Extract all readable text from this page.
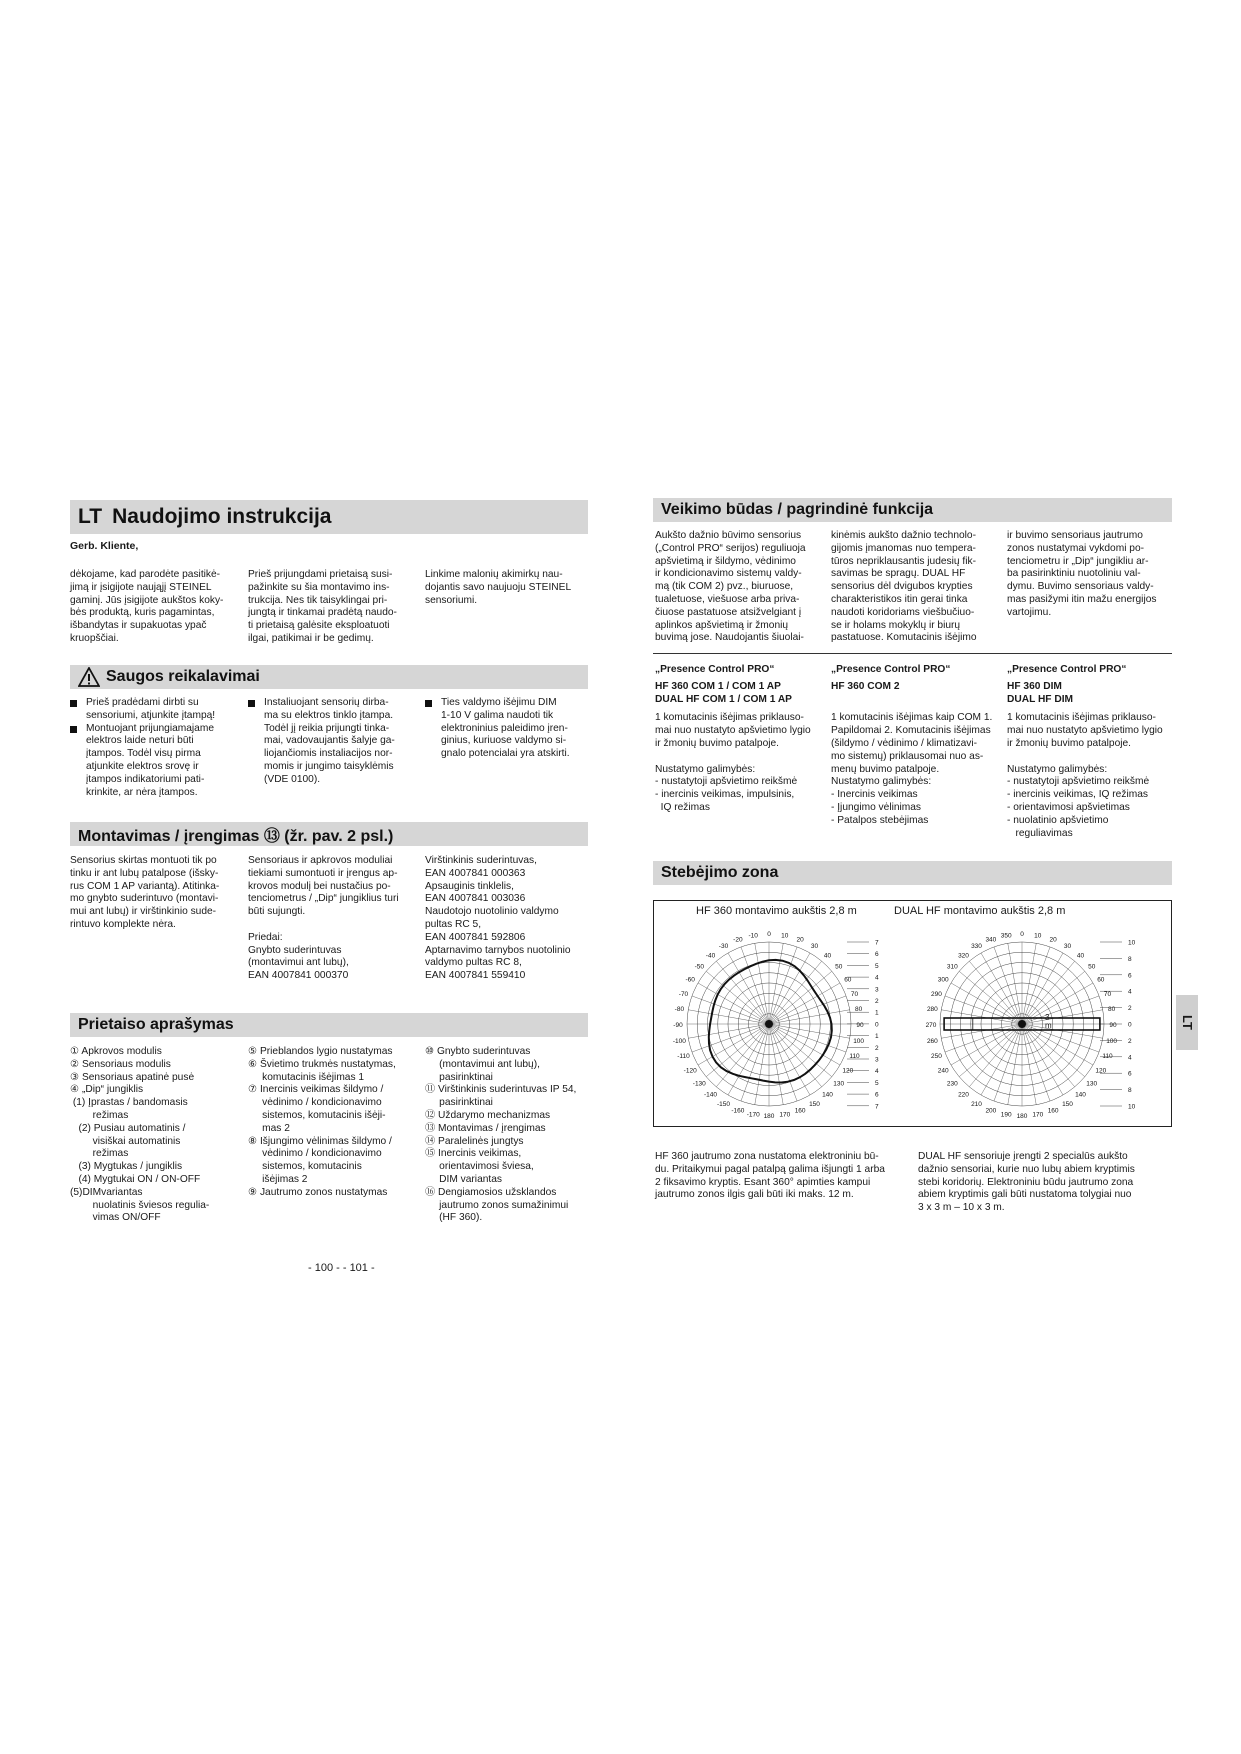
LT Naudojimo instrukcija
Gerb. Kliente,
dėkojame, kad parodėte pasitikė-
jimą ir įsigijote naująjį STEINEL
gaminį. Jūs įsigijote aukštos koky-
bės produktą, kuris pagamintas,
išbandytas ir supakuotas ypač
kruopščiai.
Prieš prijungdami prietaisą susi-
pažinkite su šia montavimo ins-
trukcija. Nes tik taisyklingai pri-
jungtą ir tinkamai pradėtą naudo-
ti prietaisą galėsite eksploatuoti
ilgai, patikimai ir be gedimų.
Linkime malonių akimirkų nau-
dojantis savo naujuoju STEINEL
sensoriumi.
Saugos reikalavimai
Prieš pradėdami dirbti su
sensoriumi, atjunkite įtampą!
Montuojant prijungiamajame
elektros laide neturi būti
įtampos. Todėl visų pirma
atjunkite elektros srovę ir
įtampos indikatoriumi pati-
krinkite, ar nėra įtampos.
Instaliuojant sensorių dirba-
ma su elektros tinklo įtampa.
Todėl jį reikia prijungti tinka-
mai, vadovaujantis šalyje ga-
liojančiomis instaliacijos nor-
momis ir jungimo taisyklėmis
(VDE 0100).
Ties valdymo išėjimu DIM
1-10 V galima naudoti tik
elektroninius paleidimo įren-
ginius, kuriuose valdymo si-
gnalo potencialai yra atskirti.
Montavimas / įrengimas ⑬ (žr. pav. 2 psl.)
Sensorius skirtas montuoti tik po
tinku ir ant lubų patalpose (išsky-
rus COM 1 AP variantą). Atitinka-
mo gnybto suderintuvo (montavi-
mui ant lubų) ir virštinkinio sude-
rintuvo komplekte nėra.
Sensoriaus ir apkrovos moduliai
tiekiami sumontuoti ir įrengus ap-
krovos modulį bei nustačius po-
tenciometrus / „Dip“ jungiklius turi
būti sujungti.

Priedai:
Gnybto suderintuvas
(montavimui ant lubų),
EAN 4007841 000370
Virštinkinis suderintuvas,
EAN 4007841 000363
Apsauginis tinklelis,
EAN 4007841 003036
Naudotojo nuotolinio valdymo
pultas RC 5,
EAN 4007841 592806
Aptarnavimo tarnybos nuotolinio
valdymo pultas RC 8,
EAN 4007841 559410
Prietaiso aprašymas
① Apkrovos modulis
② Sensoriaus modulis
③ Sensoriaus apatinė pusė
④ „Dip“ jungiklis
(1) Įprastas / bandomasis
režimas
(2) Pusiau automatinis /
visiškai automatinis
režimas
(3) Mygtukas / jungiklis
(4) Mygtukai ON / ON-OFF
(5)DIMvariantas
nuolatinis šviesos regulia-
vimas ON/OFF
⑤ Prieblandos lygio nustatymas
⑥ Švietimo trukmės nustatymas,
komutacinis išėjimas 1
⑦ Inercinis veikimas šildymo /
vėdinimo / kondicionavimo
sistemos, komutacinis išėji-
mas 2
⑧ Išjungimo vėlinimas šildymo /
vėdinimo / kondicionavimo
sistemos, komutacinis
išėjimas 2
⑨ Jautrumo zonos nustatymas
⑩ Gnybto suderintuvas
(montavimui ant lubų),
pasirinktinai
⑪ Virštinkinis suderintuvas IP 54,
pasirinktinai
⑫ Uždarymo mechanizmas
⑬ Montavimas / įrengimas
⑭ Paralelinės jungtys
⑮ Inercinis veikimas,
orientavimosi šviesa,
DIM variantas
⑯ Dengiamosios užsklandos
jautrumo zonos sumažinimui
(HF 360).
Veikimo būdas / pagrindinė funkcija
Aukšto dažnio būvimo sensorius
(„Control PRO“ serijos) reguliuoja
apšvietimą ir šildymo, vėdinimo
ir kondicionavimo sistemų valdy-
mą (tik COM 2) pvz., biuruose,
tualetuose, viešuose arba priva-
čiuose pastatuose atsižvelgiant į
aplinkos apšvietimą ir žmonių
buvimą jose. Naudojantis šiuolai-
kinėmis aukšto dažnio technolo-
gijomis įmanomas nuo tempera-
tūros nepriklausantis judesių fik-
savimas be spragų. DUAL HF
sensorius dėl dvigubos krypties
charakteristikos itin gerai tinka
naudoti koridoriams viešbučiuo-
se ir holams mokyklų ir biurų
pastatuose. Komutacinis išėjimo
ir buvimo sensoriaus jautrumo
zonos nustatymai vykdomi po-
tenciometru ir „Dip“ jungikliu ar-
ba pasirinktiniu nuotoliniu val-
dymu. Buvimo sensoriaus valdy-
mas pasižymi itin mažu energijos
vartojimu.
„Presence Control PRO“
HF 360 COM 1 / COM 1 AP
DUAL HF COM 1 / COM 1 AP
1 komutacinis išėjimas priklauso-
mai nuo nustatyto apšvietimo lygio
ir žmonių buvimo patalpoje.

Nustatymo galimybės:
- nustatytoji apšvietimo reikšmė
- inercinis veikimas, impulsinis,
IQ režimas
„Presence Control PRO“
HF 360 COM 2

1 komutacinis išėjimas kaip COM 1.
Papildomai 2. Komutacinis išėjimas
(šildymo / vėdinimo / klimatizavi-
mo sistemų) priklausomai nuo as-
menų buvimo patalpoje.
Nustatymo galimybės:
- Inercinis veikimas
- Įjungimo vėlinimas
- Patalpos stebėjimas
„Presence Control PRO“
HF 360 DIM
DUAL HF DIM
1 komutacinis išėjimas priklauso-
mai nuo nustatyto apšvietimo lygio
ir žmonių buvimo patalpoje.

Nustatymo galimybės:
- nustatytoji apšvietimo reikšmė
- inercinis veikimas, IQ režimas
- orientavimosi apšvietimas
- nuolatinio apšvietimo
reguliavimas
Stebėjimo zona
HF 360 montavimo aukštis 2,8 m	DUAL HF montavimo aukštis 2,8 m
0 10
20
30
40
50
60
70
80
90
100
110
120
130
140
150
160
170
180
-170
-160
-150
-140
-130
-120
-110
-100
-90
-80
-70
-60
-50
-40
-30
-20
-10
7
6
5
4
3
2
1
0
1
2
3
4
5
6
7
0 10
20
30
40
50
60
70
80
90
100
110
120
130
140
150
160
170
180
190
200
210
220
230
240
250
260
270
280
290
300
310
320
330
340
350
10
8
6
4
2
0
2
4
6
8
10
3
m
HF 360 jautrumo zona nustatoma elektroniniu bū-
du. Pritaikymui pagal patalpą galima išjungti 1 arba
2 fiksavimo kryptis. Esant 360° apimties kampui
jautrumo zonos ilgis gali būti iki maks. 12 m.
DUAL HF sensoriuje įrengti 2 specialūs aukšto
dažnio sensoriai, kurie nuo lubų abiem kryptimis
stebi koridorių. Elektroniniu būdu jautrumo zona
abiem kryptimis gali būti nustatoma tolygiai nuo
3 x 3 m – 10 x 3 m.
LT
- 100 - - 101 -
